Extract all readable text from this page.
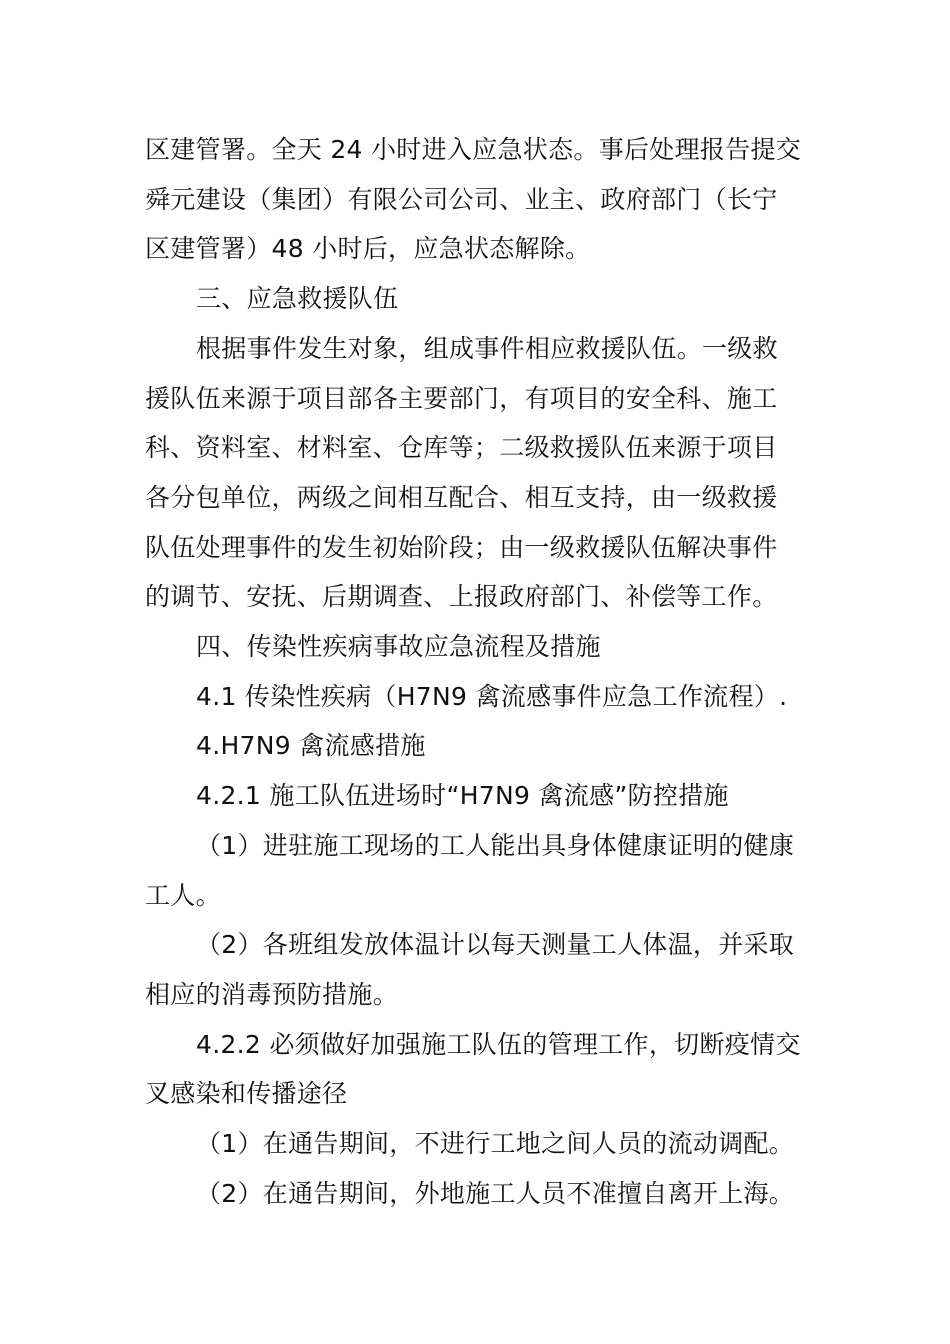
区建管署。全天 24 小时进入应急状态。事后处理报告提交
舜元建设（集团）有限公司公司、业主、政府部门（长宁
区建管署）48 小时后，应急状态解除。
三、应急救援队伍
根据事件发生对象，组成事件相应救援队伍。一级救
援队伍来源于项目部各主要部门，有项目的安全科、施工
科、资料室、材料室、仓库等；二级救援队伍来源于项目
各分包单位，两级之间相互配合、相互支持，由一级救援
队伍处理事件的发生初始阶段；由一级救援队伍解决事件
的调节、安抚、后期调查、上报政府部门、补偿等工作。
四、传染性疾病事故应急流程及措施
4.1 传染性疾病（H7N9 禽流感事件应急工作流程）.
4.H7N9 禽流感措施
4.2.1 施工队伍进场时“H7N9 禽流感”防控措施
（1）进驻施工现场的工人能出具身体健康证明的健康
工人。
（2）各班组发放体温计以每天测量工人体温，并采取
相应的消毒预防措施。
4.2.2 必须做好加强施工队伍的管理工作，切断疫情交
叉感染和传播途径
（1）在通告期间，不进行工地之间人员的流动调配。
（2）在通告期间，外地施工人员不准擅自离开上海。
